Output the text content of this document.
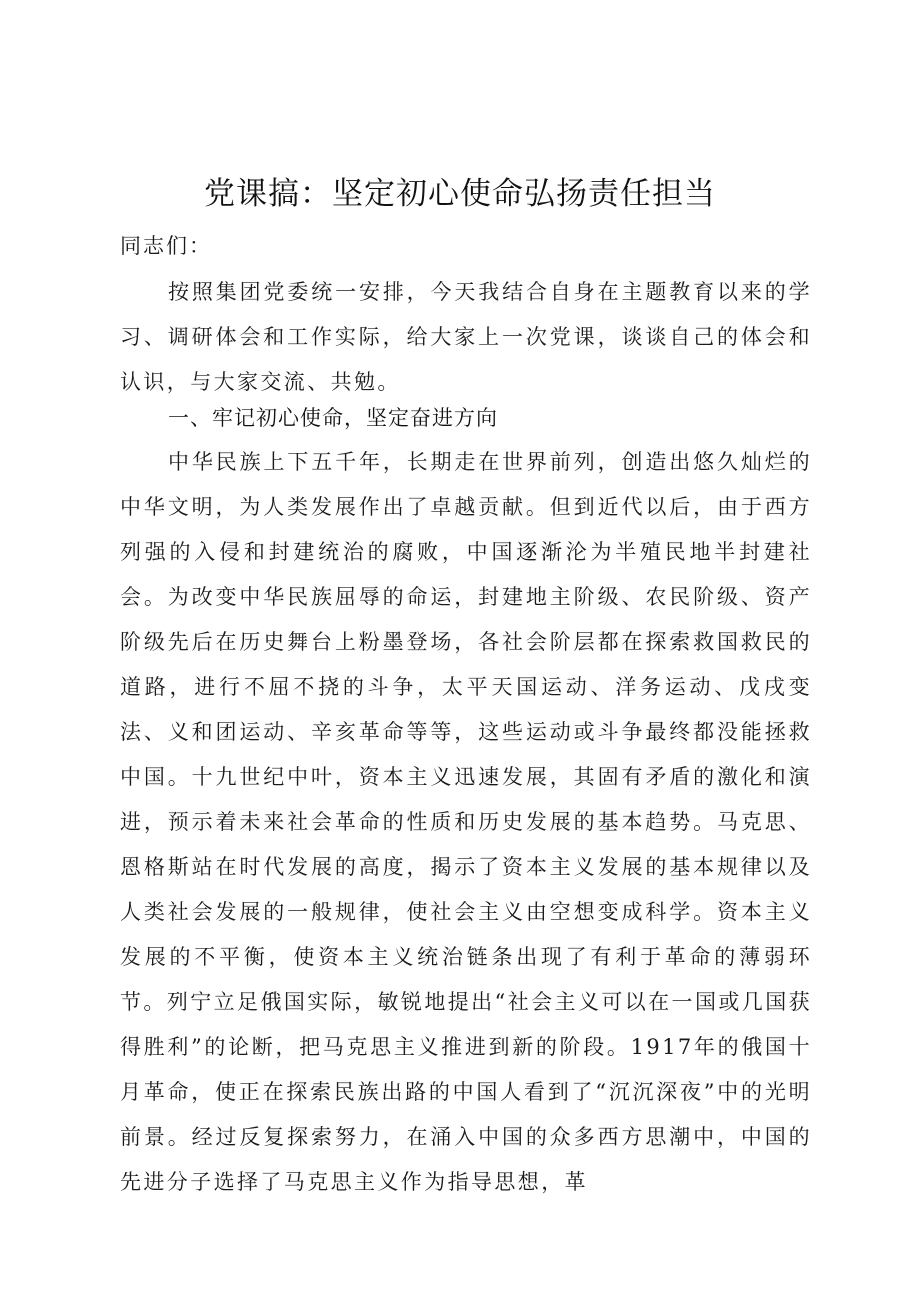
党课搞：坚定初心使命弘扬责任担当
同志们：

按照集团党委统一安排，今天我结合自身在主题教育以来的学习、调研体会和工作实际，给大家上一次党课，谈谈自己的体会和认识，与大家交流、共勉。

一、牢记初心使命，坚定奋进方向

中华民族上下五千年，长期走在世界前列，创造出悠久灿烂的中华文明，为人类发展作出了卓越贡献。但到近代以后，由于西方列强的入侵和封建统治的腐败，中国逐渐沦为半殖民地半封建社会。为改变中华民族屈辱的命运，封建地主阶级、农民阶级、资产阶级先后在历史舞台上粉墨登场，各社会阶层都在探索救国救民的道路，进行不屈不挠的斗争，太平天国运动、洋务运动、戊戌变法、义和团运动、辛亥革命等等，这些运动或斗争最终都没能拯救中国。十九世纪中叶，资本主义迅速发展，其固有矛盾的激化和演进，预示着未来社会革命的性质和历史发展的基本趋势。马克思、恩格斯站在时代发展的高度，揭示了资本主义发展的基本规律以及人类社会发展的一般规律，使社会主义由空想变成科学。资本主义发展的不平衡，使资本主义统治链条出现了有利于革命的薄弱环节。列宁立足俄国实际，敏锐地提出“社会主义可以在一国或几国获得胜利”的论断，把马克思主义推进到新的阶段。1917年的俄国十月革命，使正在探索民族出路的中国人看到了“沉沉深夜”中的光明前景。经过反复探索努力，在涌入中国的众多西方思潮中，中国的先进分子选择了马克思主义作为指导思想，革
